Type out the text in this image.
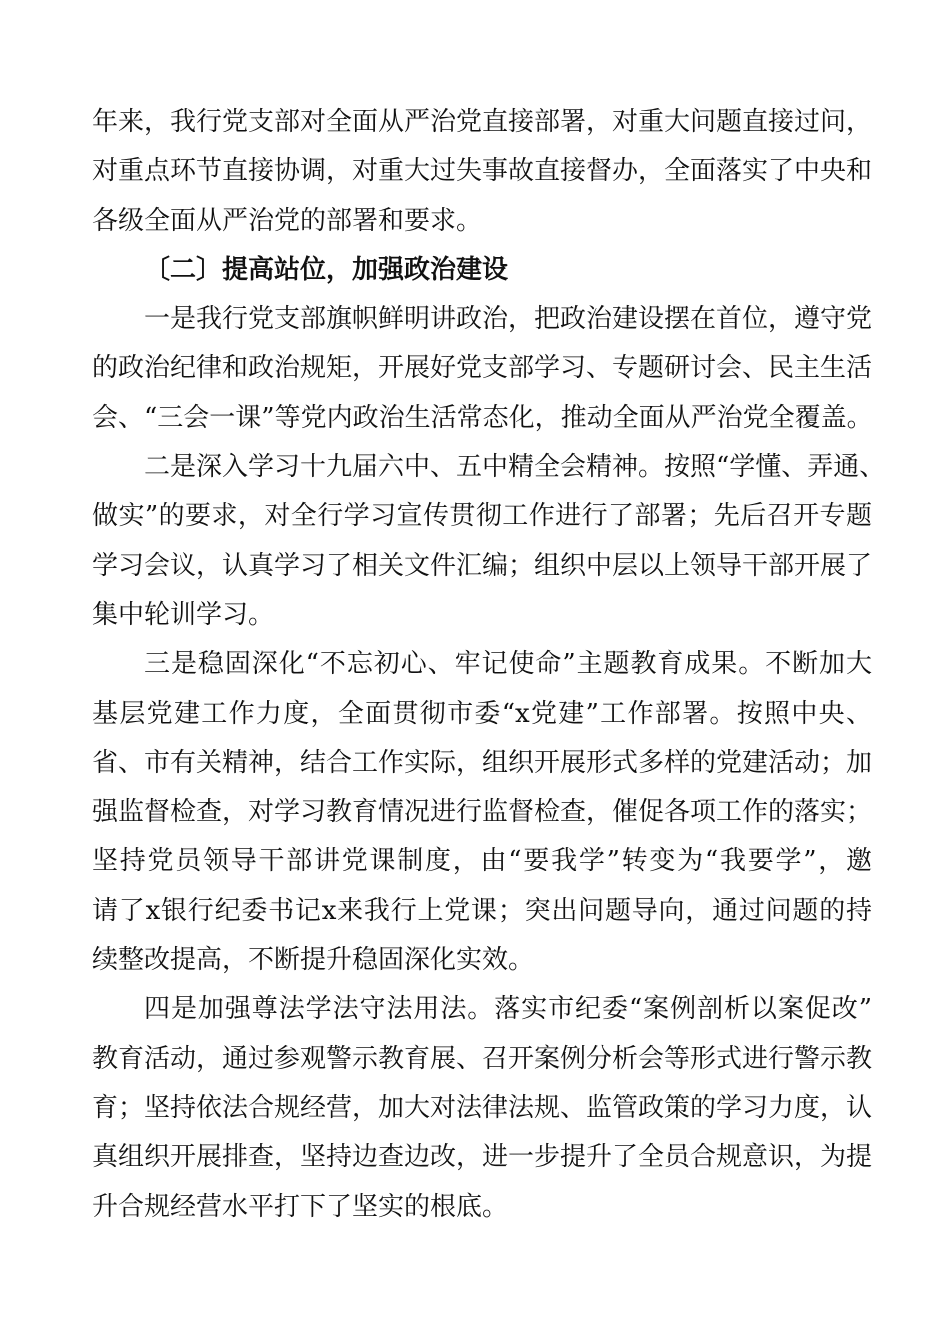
年来，我行党支部对全面从严治党直接部署，对重大问题直接过问，
对重点环节直接协调，对重大过失事故直接督办，全面落实了中央和
各级全面从严治党的部署和要求。
〔二〕提高站位，加强政治建设
一是我行党支部旗帜鲜明讲政治，把政治建设摆在首位，遵守党
的政治纪律和政治规矩，开展好党支部学习、专题研讨会、民主生活
会、“三会一课”等党内政治生活常态化，推动全面从严治党全覆盖。
二是深入学习十九届六中、五中精全会精神。按照“学懂、弄通、
做实”的要求，对全行学习宣传贯彻工作进行了部署；先后召开专题
学习会议，认真学习了相关文件汇编；组织中层以上领导干部开展了
集中轮训学习。
三是稳固深化“不忘初心、牢记使命”主题教育成果。不断加大
基层党建工作力度，全面贯彻市委“x党建”工作部署。按照中央、
省、市有关精神，结合工作实际，组织开展形式多样的党建活动；加
强监督检查，对学习教育情况进行监督检查，催促各项工作的落实；
坚持党员领导干部讲党课制度，由“要我学”转变为“我要学”，邀
请了x银行纪委书记x来我行上党课；突出问题导向，通过问题的持
续整改提高，不断提升稳固深化实效。
四是加强尊法学法守法用法。落实市纪委“案例剖析以案促改”
教育活动，通过参观警示教育展、召开案例分析会等形式进行警示教
育；坚持依法合规经营，加大对法律法规、监管政策的学习力度，认
真组织开展排查，坚持边查边改，进一步提升了全员合规意识，为提
升合规经营水平打下了坚实的根底。
